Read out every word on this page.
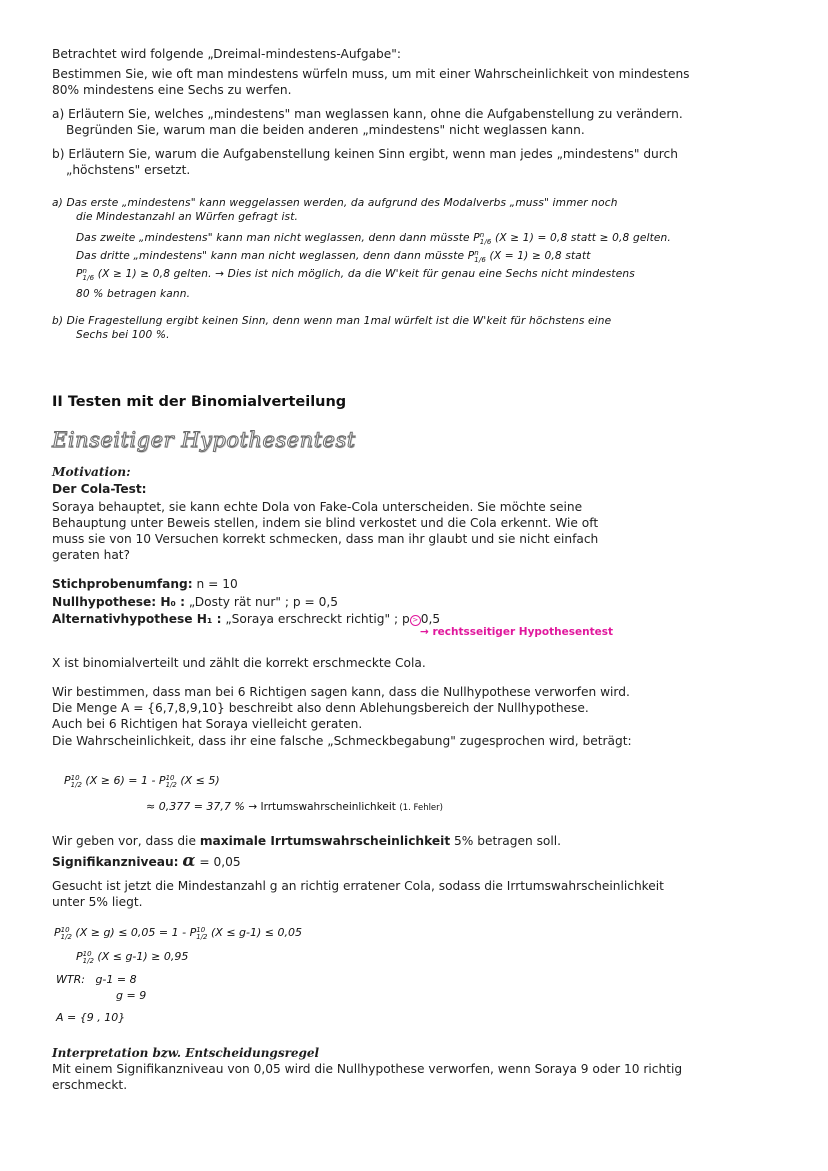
Betrachtet wird folgende „Dreimal-mindestens-Aufgabe":
Bestimmen Sie, wie oft man mindestens würfeln muss, um mit einer Wahrscheinlichkeit von mindestens
80% mindestens eine Sechs zu werfen.
a) Erläutern Sie, welches „mindestens" man weglassen kann, ohne die Aufgabenstellung zu verändern.
Begründen Sie, warum man die beiden anderen „mindestens" nicht weglassen kann.
b) Erläutern Sie, warum die Aufgabenstellung keinen Sinn ergibt, wenn man jedes „mindestens" durch
„höchstens" ersetzt.
a) Das erste „mindestens" kann weggelassen werden, da aufgrund des Modalverbs „muss" immer noch
die Mindestanzahl an Würfen gefragt ist.
Das zweite „mindestens" kann man nicht weglassen, denn dann müsste Pn
1/6 (X ≥ 1) = 0,8 statt ≥ 0,8 gelten.
Das dritte „mindestens" kann man nicht weglassen, denn dann müsste Pn
1/6 (X = 1) ≥ 0,8 statt
Pn
1/6 (X ≥ 1) ≥ 0,8 gelten. → Dies ist nich möglich, da die W'keit für genau eine Sechs nicht mindestens
80 % betragen kann.
b) Die Fragestellung ergibt keinen Sinn, denn wenn man 1mal würfelt ist die W'keit für höchstens eine
Sechs bei 100 %.
II Testen mit der Binomialverteilung
Einseitiger Hypothesentest
Motivation:
Der Cola-Test:
Soraya behauptet, sie kann echte Dola von Fake-Cola unterscheiden. Sie möchte seine
Behauptung unter Beweis stellen, indem sie blind verkostet und die Cola erkennt. Wie oft
muss sie von 10 Versuchen korrekt schmecken, dass man ihr glaubt und sie nicht einfach
geraten hat?
Stichprobenumfang: n = 10
Nullhypothese: H₀ : „Dosty rät nur" ; p = 0,5
Alternativhypothese H₁ : „Soraya erschreckt richtig" ; p > 0,5
→ rechtsseitiger Hypothesentest
X ist binomialverteilt und zählt die korrekt erschmeckte Cola.
Wir bestimmen, dass man bei 6 Richtigen sagen kann, dass die Nullhypothese verworfen wird.
Die Menge A = {6,7,8,9,10} beschreibt also denn Ablehungsbereich der Nullhypothese.
Auch bei 6 Richtigen hat Soraya vielleicht geraten.
Die Wahrscheinlichkeit, dass ihr eine falsche „Schmeckbegabung" zugesprochen wird, beträgt:
P10
1/2 (X ≥ 6) = 1 - P10
1/2 (X ≤ 5)
≈ 0,377 = 37,7 % → Irrtumswahrscheinlichkeit (1. Fehler)
Wir geben vor, dass die maximale Irrtumswahrscheinlichkeit 5% betragen soll.
Signifikanzniveau: α = 0,05
Gesucht ist jetzt die Mindestanzahl g an richtig erratener Cola, sodass die Irrtumswahrscheinlichkeit
unter 5% liegt.
P10
1/2 (X ≥ g) ≤ 0,05 = 1 - P10
1/2 (X ≤ g-1) ≤ 0,05
P10
1/2 (X ≤ g-1) ≥ 0,95
WTR: g-1 = 8
g = 9
A = {9 , 10}
Interpretation bzw. Entscheidungsregel
Mit einem Signifikanzniveau von 0,05 wird die Nullhypothese verworfen, wenn Soraya 9 oder 10 richtig
erschmeckt.
